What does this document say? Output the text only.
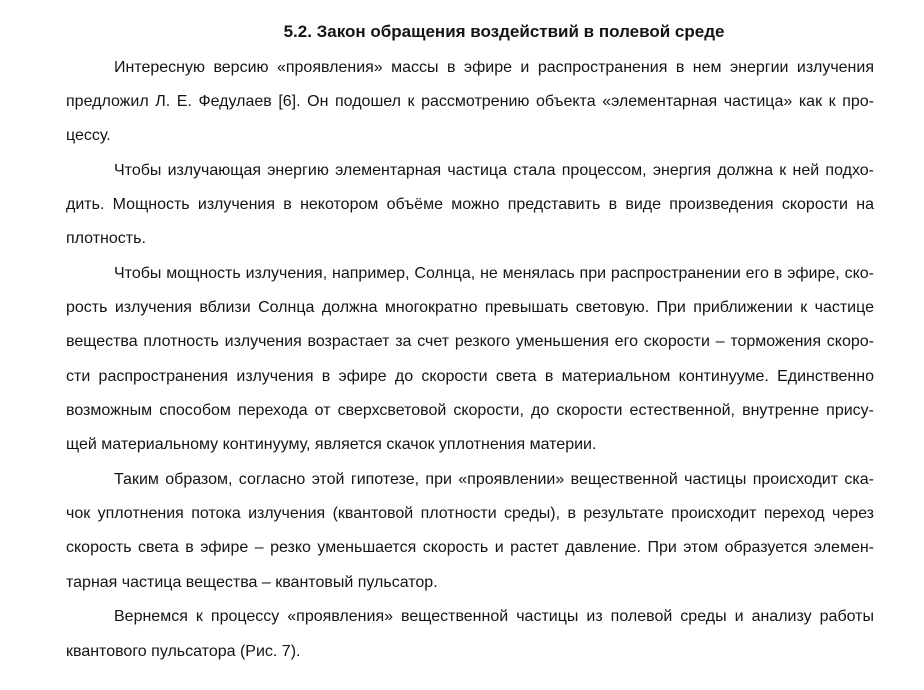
5.2. Закон обращения воздействий в полевой среде
Интересную версию «проявления» массы в эфире и распространения в нем энергии излучения
предложил Л. Е. Федулаев [6]. Он подошел к рассмотрению объекта «элементарная частица» как к про-
цессу.
Чтобы излучающая энергию элементарная частица стала процессом, энергия должна к ней подхо-
дить. Мощность излучения в некотором объёме можно представить в виде произведения скорости на
плотность.
Чтобы мощность излучения, например, Солнца, не менялась при распространении его в эфире, ско-
рость излучения вблизи Солнца должна многократно превышать световую. При приближении к частице
вещества плотность излучения возрастает за счет резкого уменьшения его скорости – торможения скоро-
сти распространения излучения в эфире до скорости света в материальном континууме. Единственно
возможным способом перехода от сверхсветовой скорости, до скорости естественной, внутренне прису-
щей материальному континууму, является скачок уплотнения материи.
Таким образом, согласно этой гипотезе, при «проявлении» вещественной частицы происходит ска-
чок уплотнения потока излучения (квантовой плотности среды), в результате происходит переход через
скорость света в эфире – резко уменьшается скорость и растет давление. При этом образуется элемен-
тарная частица вещества – квантовый пульсатор.
Вернемся к процессу «проявления» вещественной частицы из полевой среды и анализу работы
квантового пульсатора (Рис. 7).
